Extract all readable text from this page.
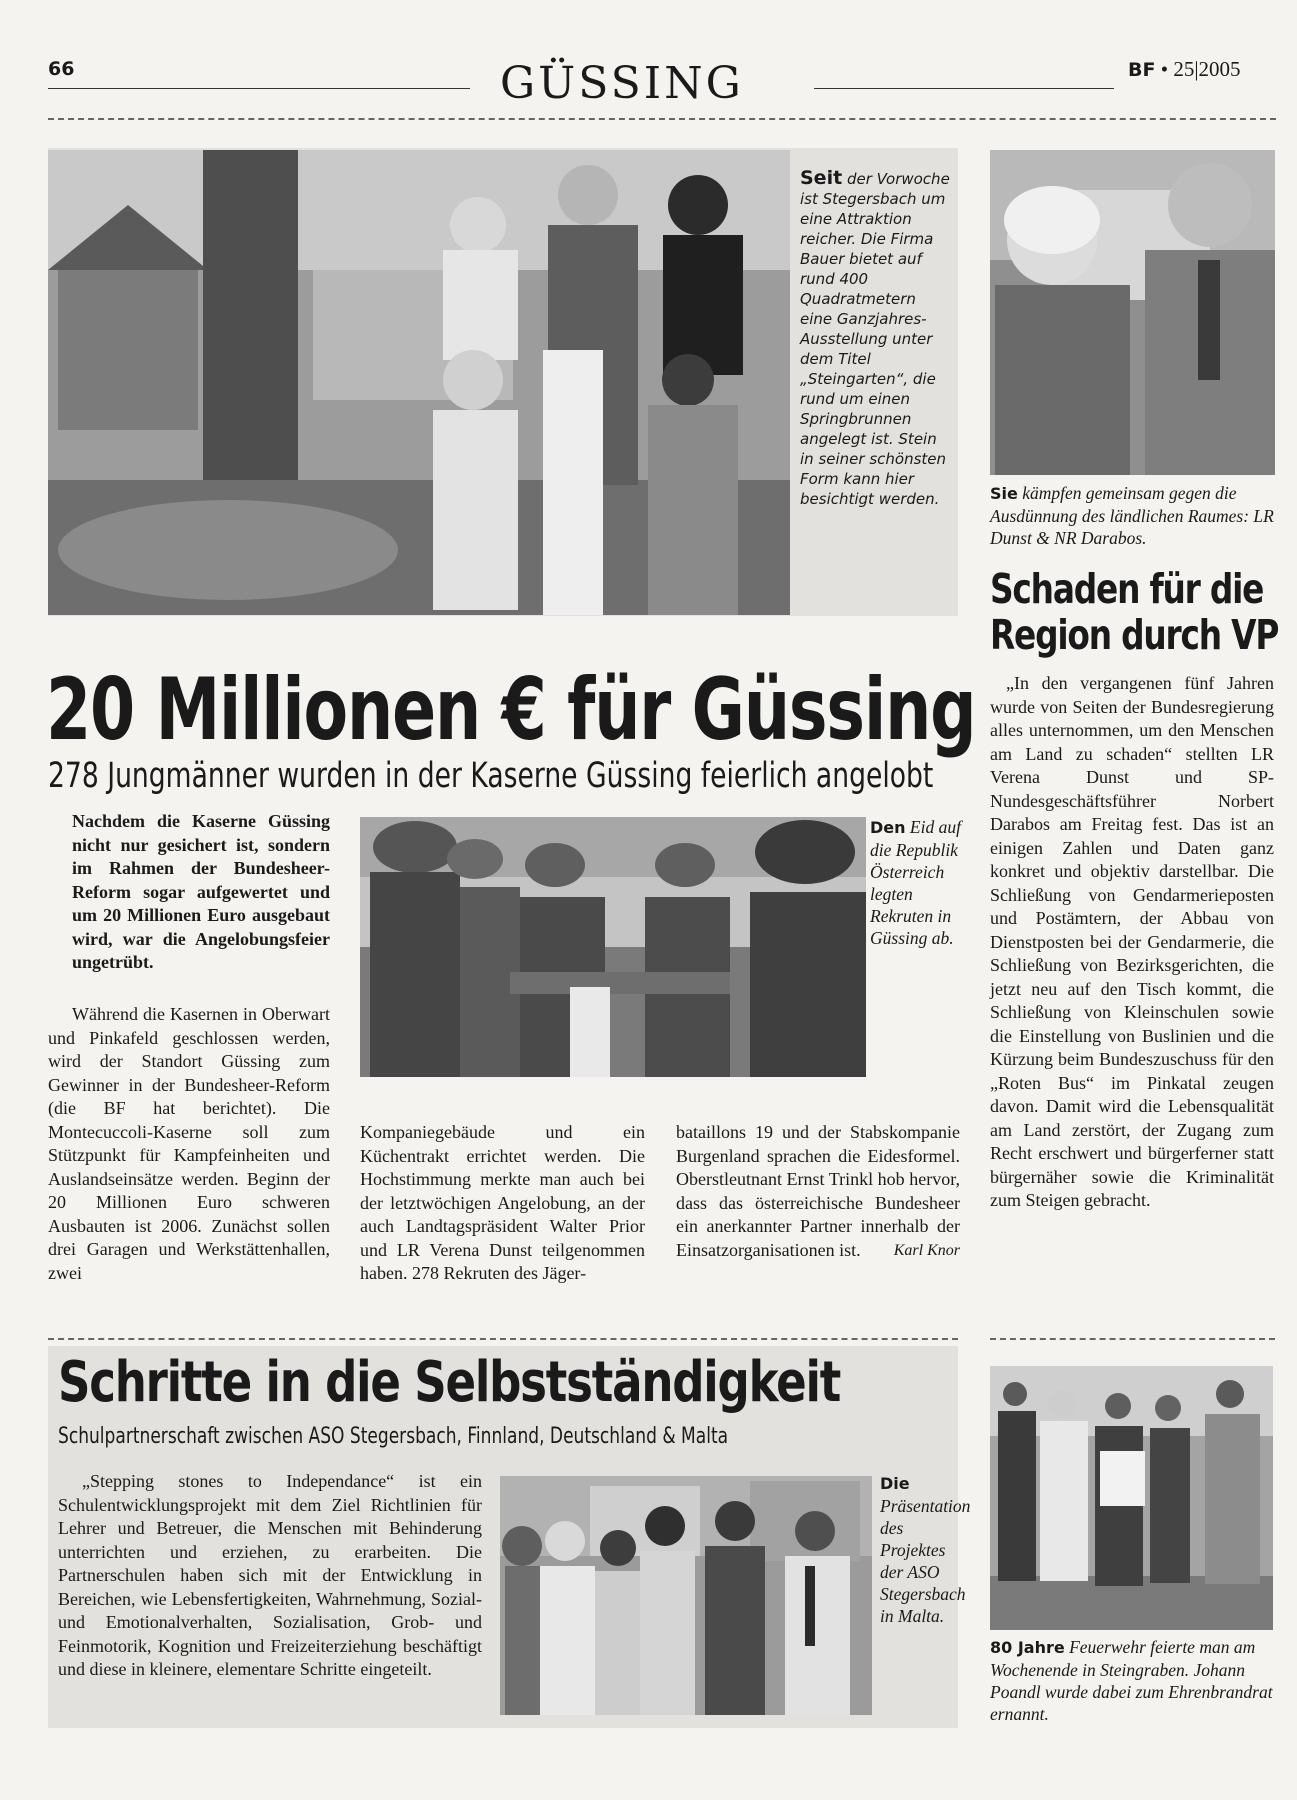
66	GÜSSING	BF • 25|2005
Seit der Vorwoche ist Stegersbach um eine Attraktion reicher. Die Firma Bauer bietet auf rund 400 Quadratmetern eine Ganzjahres-Ausstellung unter dem Titel „Steingarten“, die rund um einen Springbrunnen angelegt ist. Stein in seiner schönsten Form kann hier besichtigt werden.	Sie kämpfen gemeinsam gegen die Ausdünnung des ländlichen Raumes: LR Dunst & NR Darabos.
Schaden für die
Region durch VP

„In den vergangenen fünf Jahren wurde von Seiten der Bundesregierung alles unternommen, um den Menschen am Land zu schaden“ stellten LR Verena Dunst und SP-Nundesgeschäftsführer Norbert Darabos am Freitag fest. Das ist an einigen Zahlen und Daten ganz konkret und objektiv darstellbar. Die Schließung von Gendarmerieposten und Postämtern, der Abbau von Dienstposten bei der Gendarmerie, die Schließung von Bezirksgerichten, die jetzt neu auf den Tisch kommt, die Schließung von Kleinschulen sowie die Einstellung von Buslinien und die Kürzung beim Bundeszuschuss für den „Roten Bus“ im Pinkatal zeugen davon. Damit wird die Lebensqualität am Land zerstört, der Zugang zum Recht erschwert und bürgerferner statt bürgernäher sowie die Kriminalität zum Steigen gebracht.

20 Millionen € für Güssing
278 Jungmänner wurden in der Kaserne Güssing feierlich angelobt

Nachdem die Kaserne Güssing nicht nur gesichert ist, sondern im Rahmen der Bundesheer-Reform sogar aufgewertet und um 20 Millionen Euro ausgebaut wird, war die Angelobungsfeier ungetrübt.

Während die Kasernen in Oberwart und Pinkafeld geschlossen werden, wird der Standort Güssing zum Gewinner in der Bundesheer-Reform (die BF hat berichtet). Die Montecuccoli-Kaserne soll zum Stützpunkt für Kampfeinheiten und Auslandseinsätze werden. Beginn der 20 Millionen Euro schweren Ausbauten ist 2006. Zunächst sollen drei Garagen und Werkstättenhallen, zwei

Den Eid auf die Republik Österreich legten Rekruten in Güssing ab.

Kompaniegebäude und ein Küchentrakt errichtet werden. Die Hochstimmung merkte man auch bei der letztwöchigen Angelobung, an der auch Landtagspräsident Walter Prior und LR Verena Dunst teilgenommen haben. 278 Rekruten des Jäger-

bataillons 19 und der Stabskompanie Burgenland sprachen die Eidesformel. Oberstleutnant Ernst Trinkl hob hervor, dass das österreichische Bundesheer ein anerkannter Partner innerhalb der Einsatzorganisationen ist. Karl Knor

Schritte in die Selbstständigkeit
Schulpartnerschaft zwischen ASO Stegersbach, Finnland, Deutschland & Malta

„Stepping stones to Independance“ ist ein Schulentwicklungsprojekt mit dem Ziel Richtlinien für Lehrer und Betreuer, die Menschen mit Behinderung unterrichten und erziehen, zu erarbeiten. Die Partnerschulen haben sich mit der Entwicklung in Bereichen, wie Lebensfertigkeiten, Wahrnehmung, Sozial- und Emotionalverhalten, Sozialisation, Grob- und Feinmotorik, Kognition und Freizeiterziehung beschäftigt und diese in kleinere, elementare Schritte eingeteilt.

Die Präsentation des Projektes der ASO Stegersbach in Malta.
80 Jahre Feuerwehr feierte man am Wochenende in Steingraben. Johann Poandl wurde dabei zum Ehrenbrandrat ernannt.
